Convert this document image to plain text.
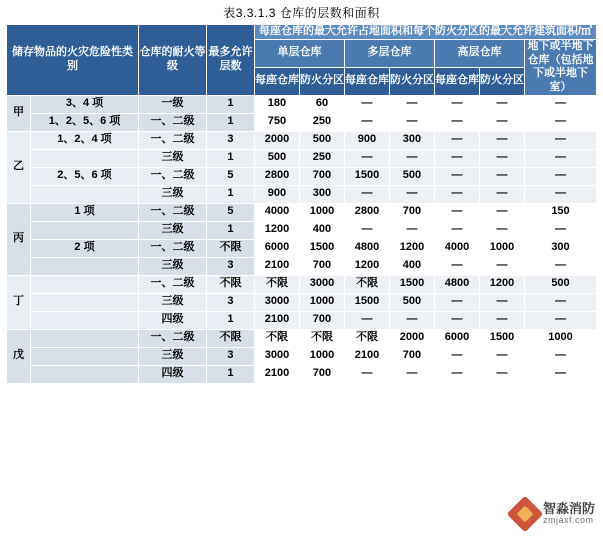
表3.3.1.3 仓库的层数和面积
储存物品的火灾危险性类别		仓库的耐火等级	最多允许层数	每座仓库的最大允许占地面积和每个防火分区的最大允许建筑面积/㎡						
				单层仓库		多层仓库		高层仓库		地下或半地下仓库（包括地下或半地下室）
				每座仓库	防火分区	每座仓库	防火分区	每座仓库	防火分区	
甲	3、4 项	一级	1	180	60	—	—	—	—	—
	1、2、5、6 项	一、二级	1	750	250	—	—	—	—	—
乙	1、2、4 项	一、二级	3	2000	500	900	300	—	—	—
		三级	1	500	250	—	—	—	—	—
	2、5、6 项	一、二级	5	2800	700	1500	500	—	—	—
		三级	1	900	300	—	—	—	—	—
丙	1 项	一、二级	5	4000	1000	2800	700	—	—	150
		三级	1	1200	400	—	—	—	—	—
	2 项	一、二级	不限	6000	1500	4800	1200	4000	1000	300
		三级	3	2100	700	1200	400	—	—	—
丁		一、二级	不限	不限	3000	不限	1500	4800	1200	500
		三级	3	3000	1000	1500	500	—	—	—
		四级	1	2100	700	—	—	—	—	—
戊		一、二级	不限	不限	不限	不限	2000	6000	1500	1000
		三级	3	3000	1000	2100	700	—	—	—
		四级	1	2100	700	—	—	—	—	—
智淼消防
zmjaxf.com
